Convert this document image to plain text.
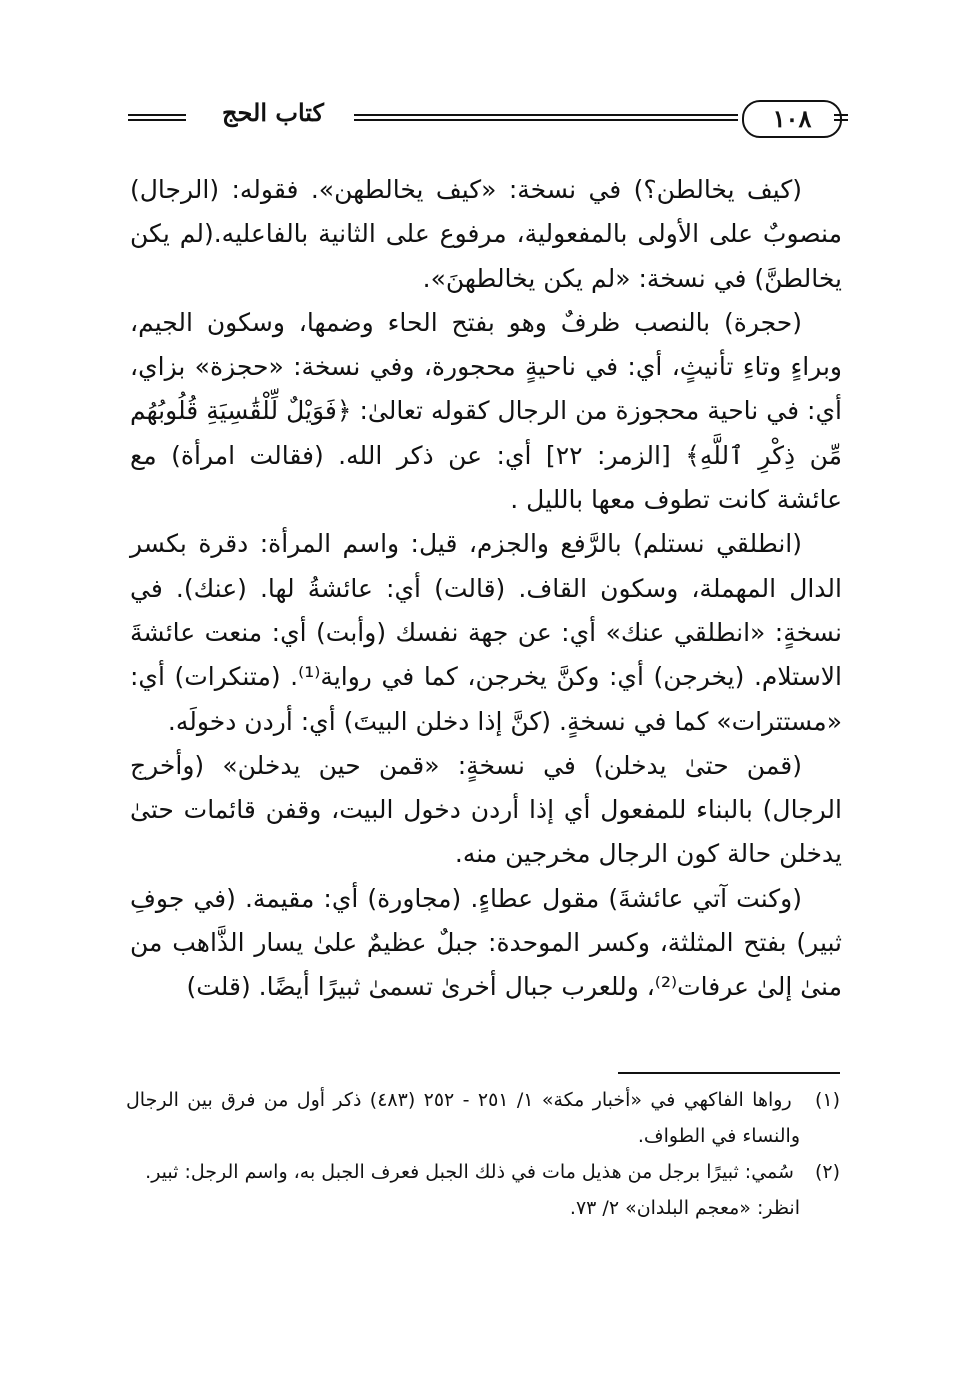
كتاب الحج	١٠٨

(كيف يخالطن؟) في نسخة: «كيف يخالطهن». فقوله: (الرجال) منصوبٌ على الأولى بالمفعولية، مرفوع على الثانية بالفاعليه.(لم يكن يخالطنَّ) في نسخة: «لم يكن يخالطهنَ».

(حجرة) بالنصب ظرفٌ وهو بفتح الحاء وضمها، وسكون الجيم، وبراءٍ وتاءِ تأنيثٍ، أي: في ناحيةٍ محجورة، وفي نسخة: «حجزة» بزاي، أي: في ناحية محجوزة من الرجال كقوله تعالىٰ: ﴿فَوَيْلٌ لِّلْقَٰسِيَةِ قُلُوبُهُم مِّن ذِكْرِ ٱللَّهِ﴾ [الزمر: ٢٢] أي: عن ذكر الله. (فقالت امرأة) مع عائشة كانت تطوف معها بالليل .

(انطلقي نستلم) بالرَّفع والجزم، قيل: واسم المرأة: دقرة بكسر الدال المهملة، وسكون القاف. (قالت) أي: عائشةُ لها. (عنك). في نسخةٍ: «انطلقي عنك» أي: عن جهة نفسك (وأبت) أي: منعت عائشةَ الاستلام. (يخرجن) أي: وكنَّ يخرجن، كما في رواية⁽¹⁾. (متنكرات) أي: «مستترات» كما في نسخةٍ. (كنَّ إذا دخلن البيتَ) أي: أردن دخولَه.

(قمن حتىٰ يدخلن) في نسخةٍ: «قمن حين يدخلن» (وأخرج الرجال) بالبناء للمفعول أي إذا أردن دخول البيت، وقفن قائمات حتىٰ يدخلن حالة كون الرجال مخرجين منه.

(وكنت آتي عائشةَ) مقول عطاءٍ. (مجاورة) أي: مقيمة. (في جوفِ ثبير) بفتح المثلثة، وكسر الموحدة: جبلٌ عظيمٌ علىٰ يسار الذَّاهب من منىٰ إلىٰ عرفات⁽²⁾، وللعرب جبال أخرىٰ تسمىٰ ثبيرًا أيضًا. (قلت)

(١) رواها الفاكهي في «أخبار مكة» ١/ ٢٥١ - ٢٥٢ (٤٨٣) ذكر أول من فرق بين الرجال والنساء في الطواف.

(٢) سُمي: ثبيرًا برجل من هذيل مات في ذلك الجبل فعرف الجبل به، واسم الرجل: ثبير.

انظر: «معجم البلدان» ٢/ ٧٣.
